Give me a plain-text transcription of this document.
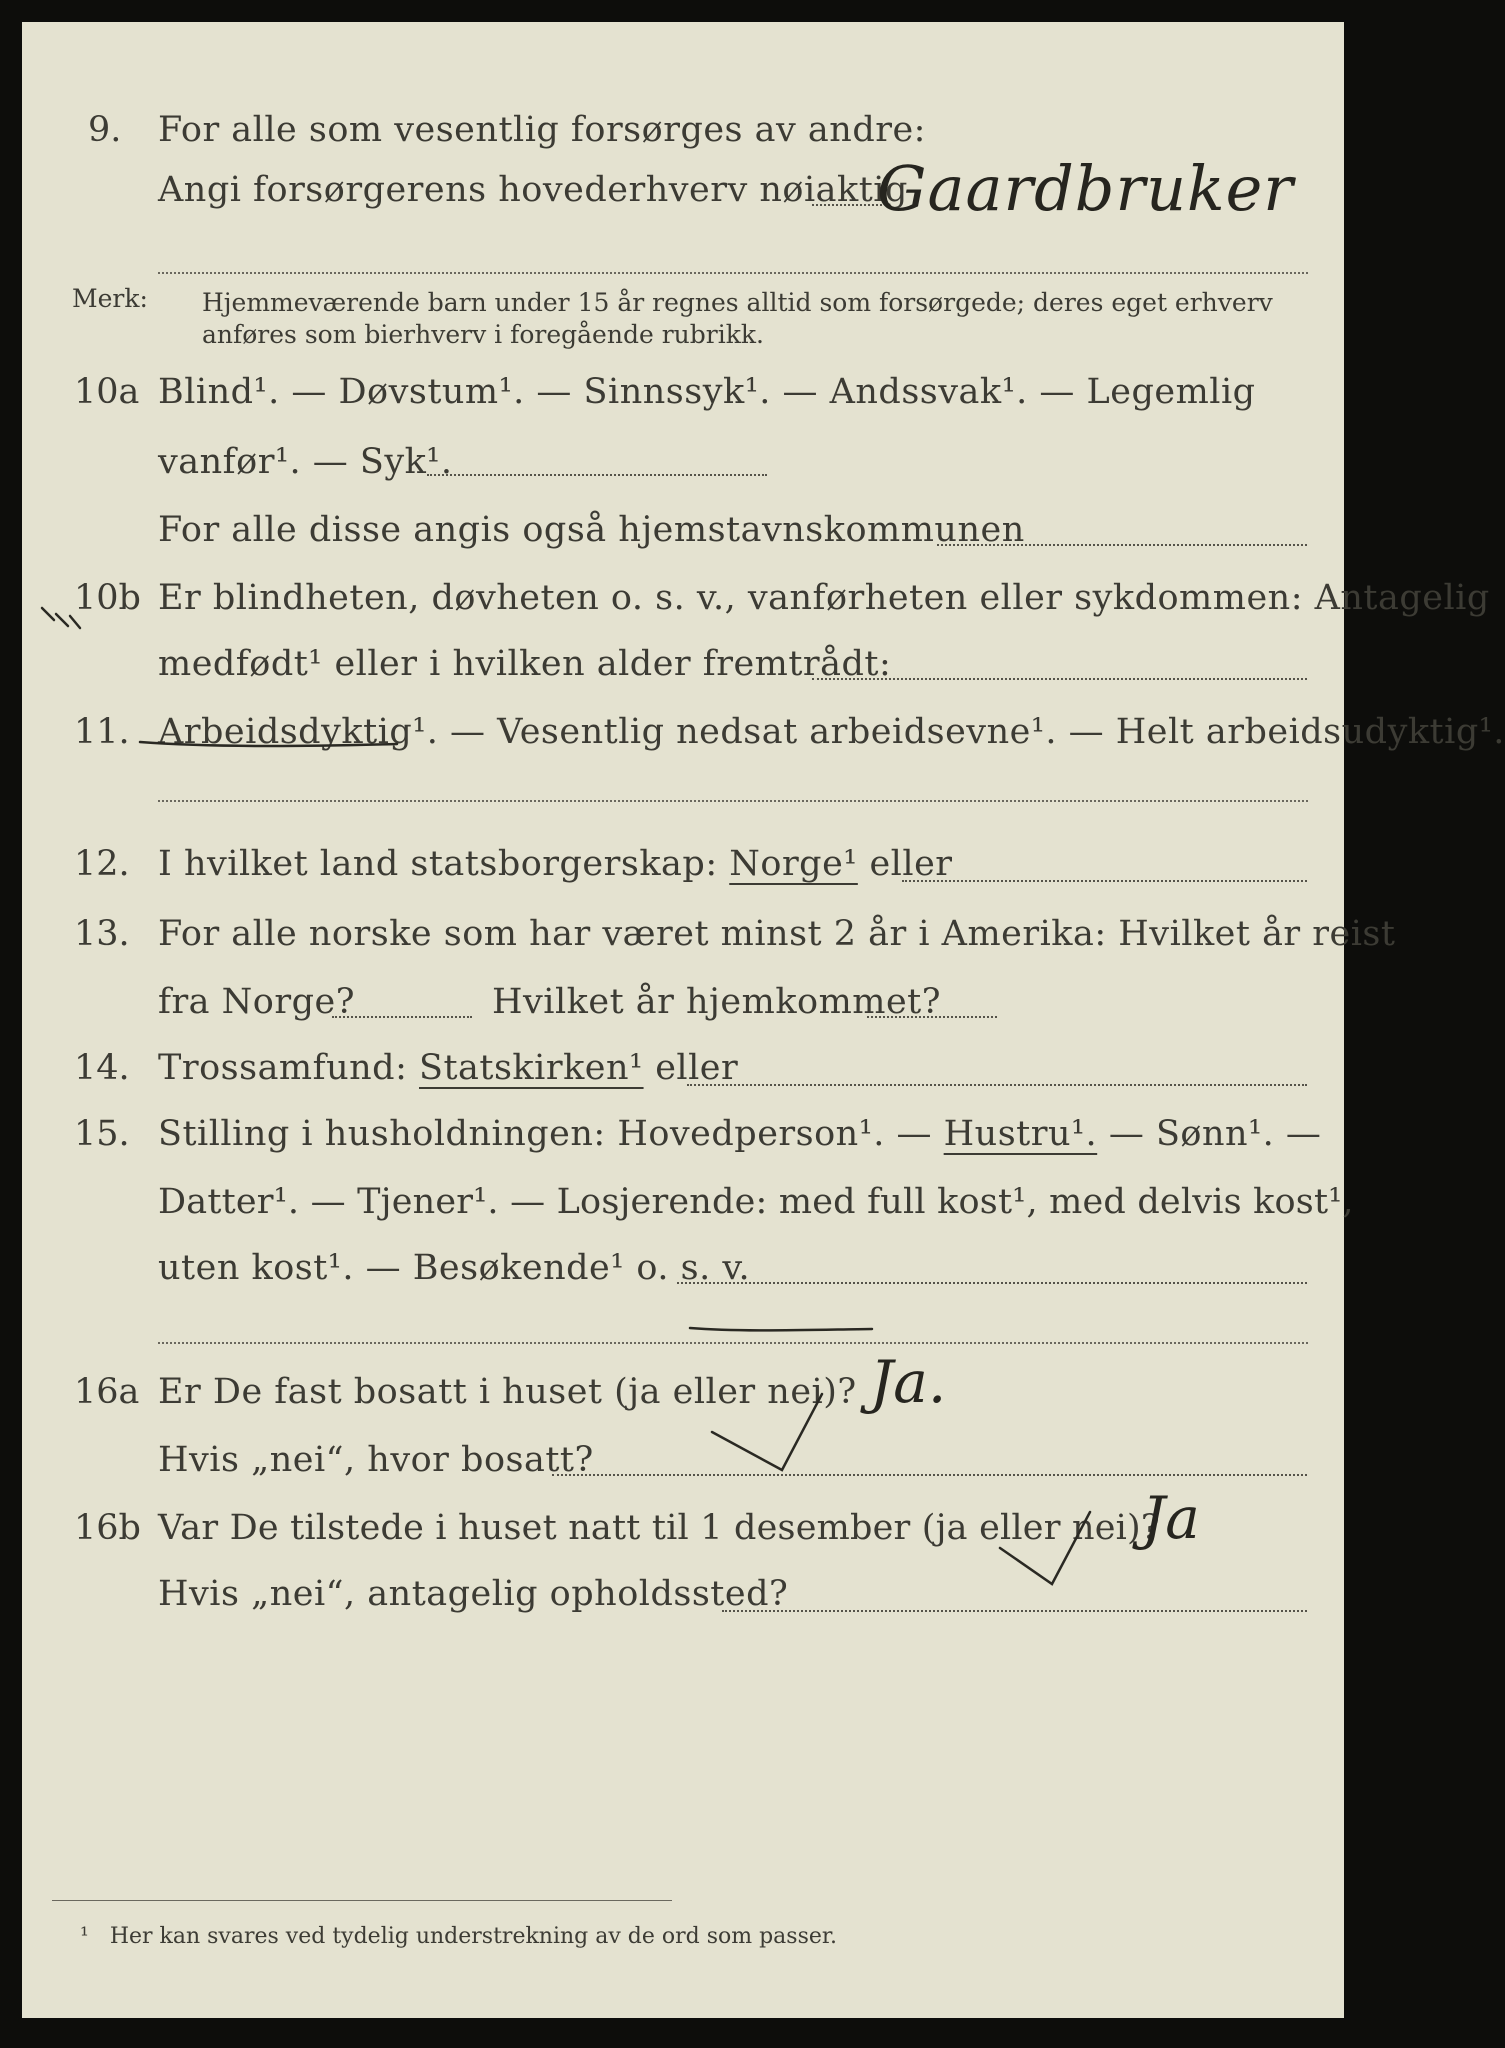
9. For alle som vesentlig forsørges av andre:
Angi forsørgerens hovederhverv nøiaktig
Gaardbruker
Merk: Hjemmeværende barn under 15 år regnes alltid som forsørgede; deres eget erhverv
anføres som bierhverv i foregående rubrikk.
10a Blind¹. — Døvstum¹. — Sinnssyk¹. — Andssvak¹. — Legemlig
vanfør¹. — Syk¹.
For alle disse angis også hjemstavnskommunen
10b Er blindheten, døvheten o. s. v., vanførheten eller sykdommen: Antagelig
medfødt¹ eller i hvilken alder fremtrådt:
11. Arbeidsdyktig¹. — Vesentlig nedsat arbeidsevne¹. — Helt arbeidsudyktig¹.
12. I hvilket land statsborgerskap: Norge¹ eller
13. For alle norske som har været minst 2 år i Amerika: Hvilket år reist
fra Norge?	Hvilket år hjemkommet?
14. Trossamfund: Statskirken¹ eller
15. Stilling i husholdningen: Hovedperson¹. — Hustru¹. — Sønn¹. —
Datter¹. — Tjener¹. — Losjerende: med full kost¹, med delvis kost¹,
uten kost¹. — Besøkende¹ o. s. v.
16a Er De fast bosatt i huset (ja eller nei)? Ja.
Hvis „nei“, hvor bosatt?
16b Var De tilstede i huset natt til 1 desember (ja eller nei)?
Ja
Hvis „nei“, antagelig opholdssted?
¹ Her kan svares ved tydelig understrekning av de ord som passer.
